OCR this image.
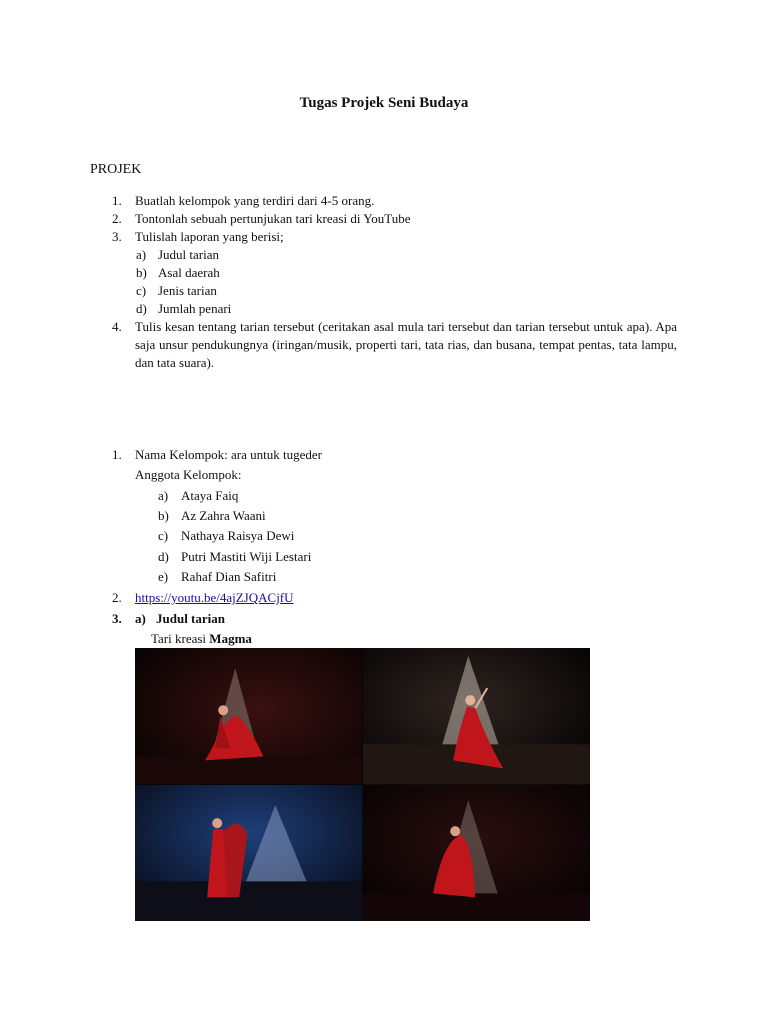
Tugas Projek Seni Budaya
PROJEK
1. Buatlah kelompok yang terdiri dari 4-5 orang.
2. Tontonlah sebuah pertunjukan tari kreasi di YouTube
3. Tulislah laporan yang berisi;
a) Judul tarian
b) Asal daerah
c) Jenis tarian
d) Jumlah penari
4. Tulis kesan tentang tarian tersebut (ceritakan asal mula tari tersebut dan tarian tersebut untuk apa). Apa saja unsur pendukungnya (iringan/musik, properti tari, tata rias, dan busana, tempat pentas, tata lampu, dan tata suara).
1. Nama Kelompok: ara untuk tugeder
Anggota Kelompok:
a) Ataya Faiq
b) Az Zahra Waani
c) Nathaya Raisya Dewi
d) Putri Mastiti Wiji Lestari
e) Rahaf Dian Safitri
2. https://youtu.be/4ajZJQACjfU
3. a) Judul tarian
Tari kreasi Magma
